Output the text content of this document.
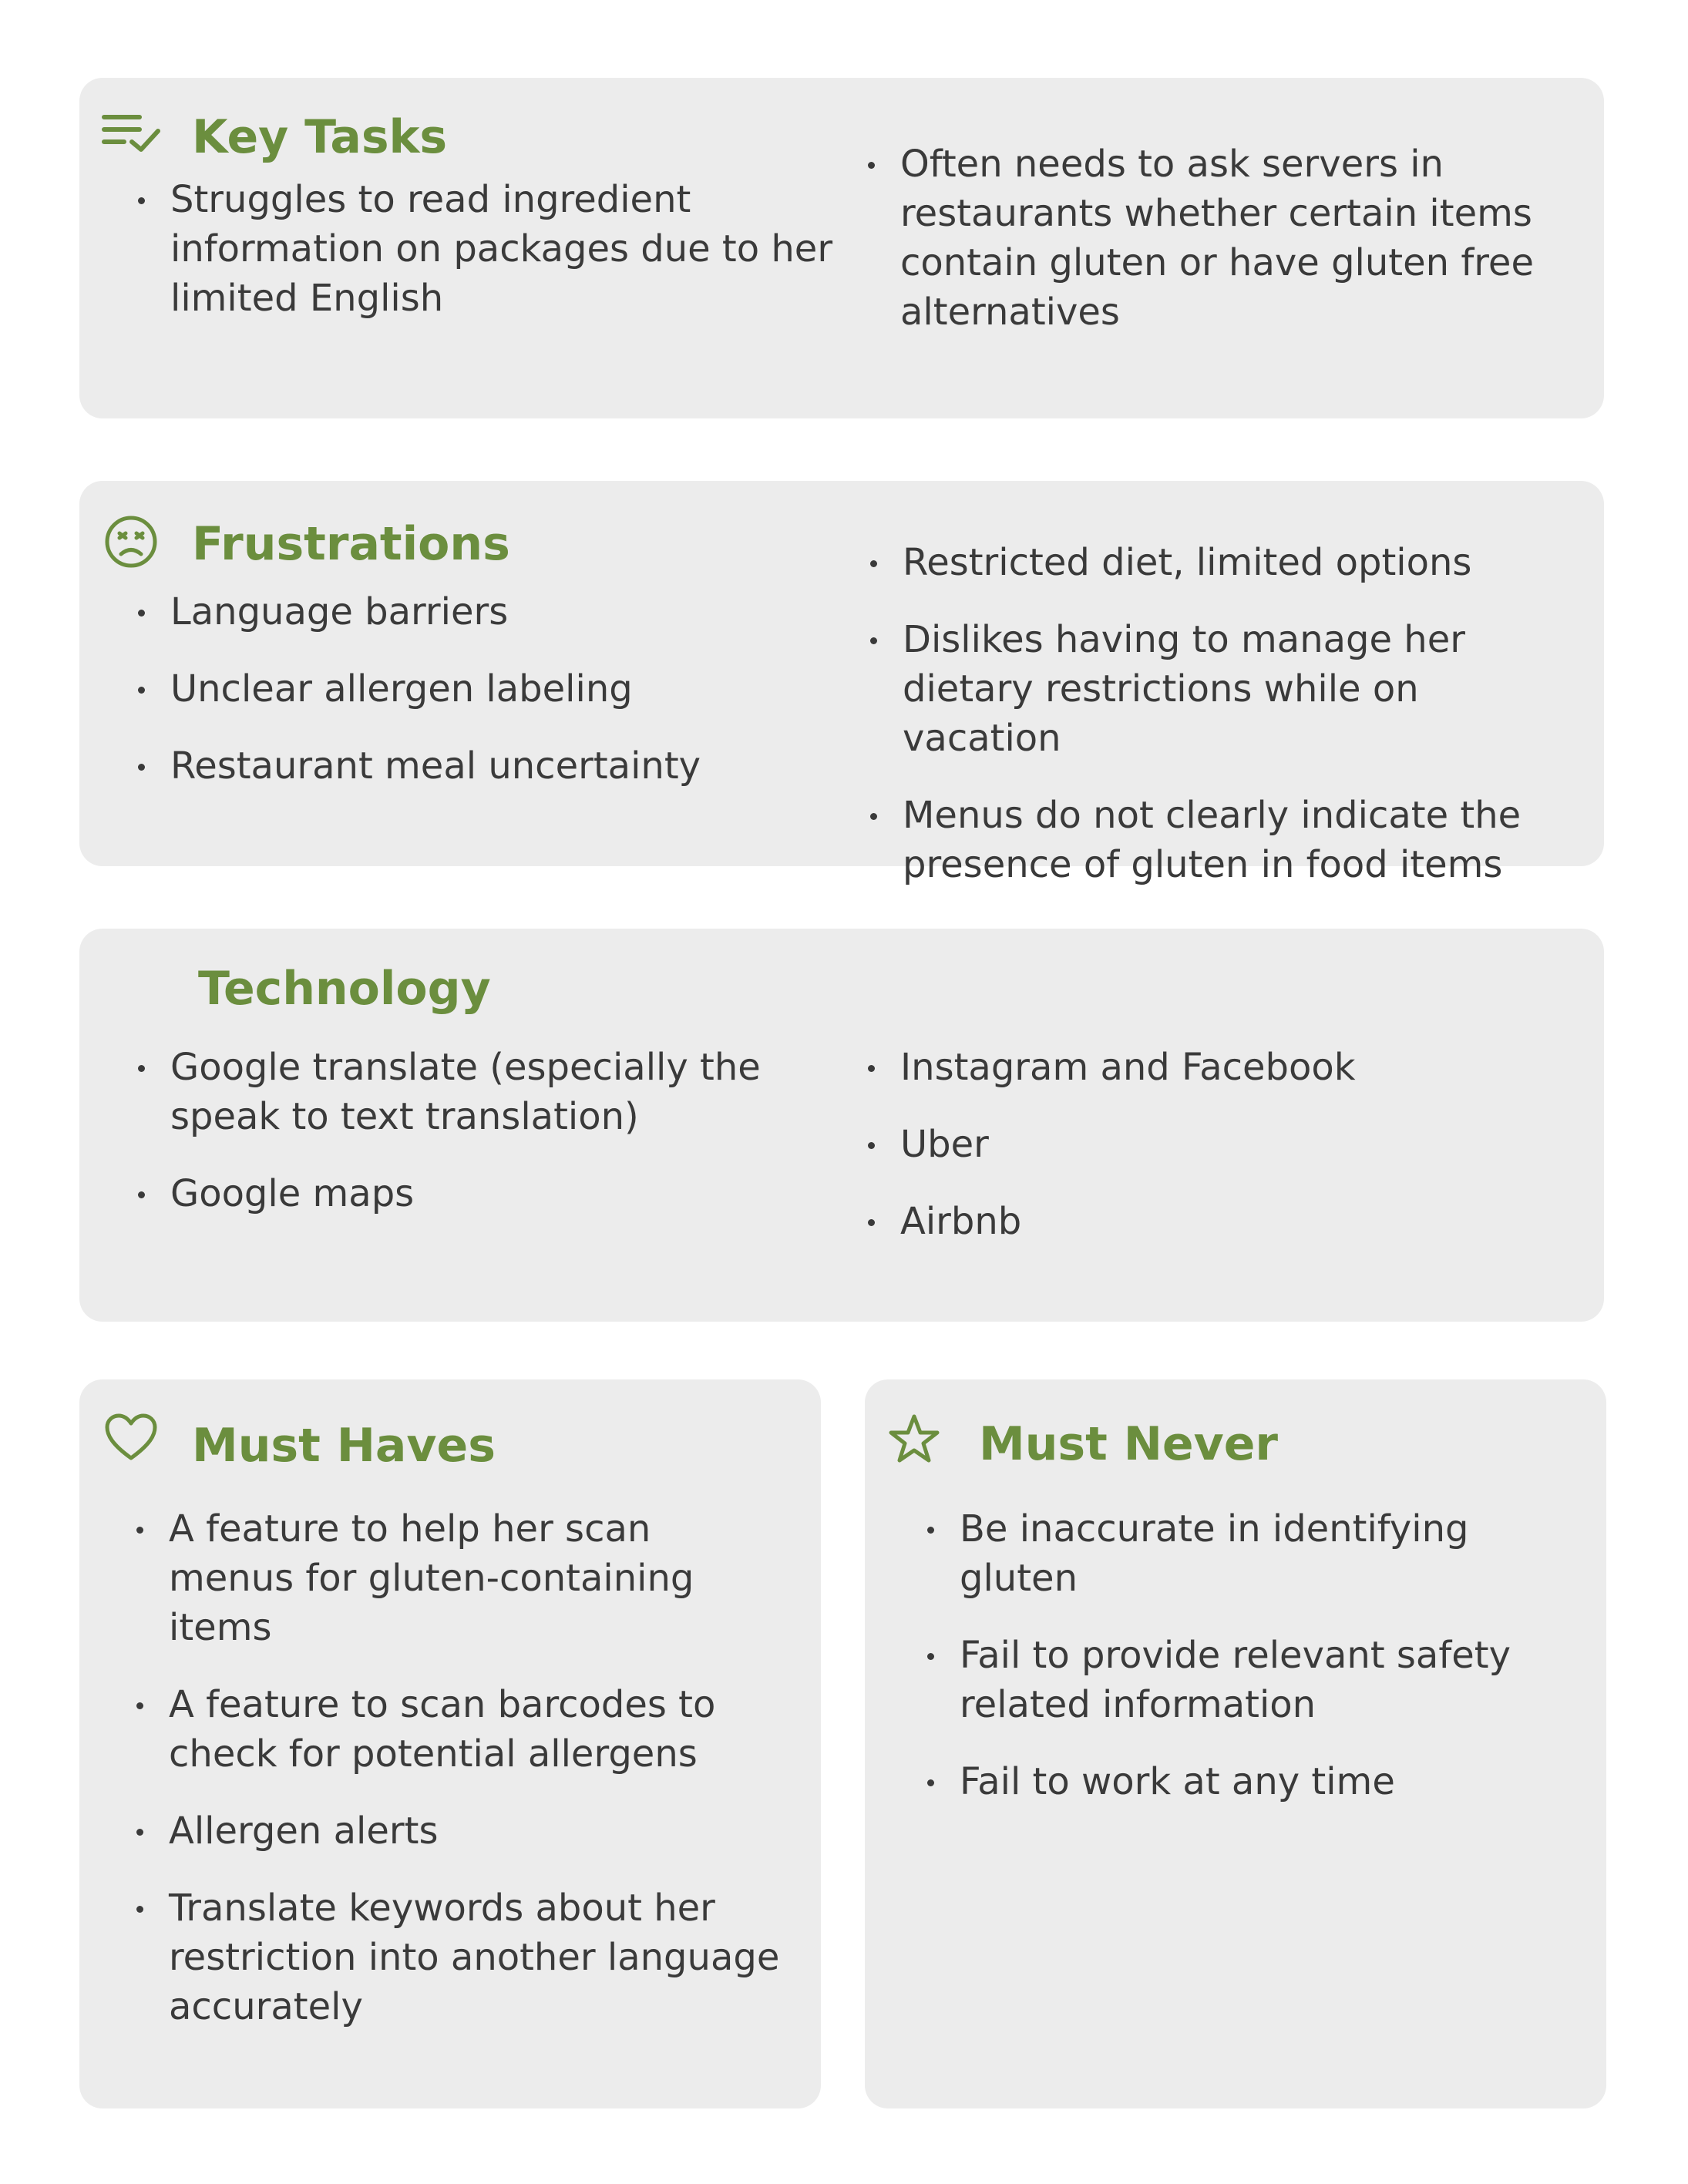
Key Tasks
Struggles to read ingredient information on packages due to her limited English
Often needs to ask servers in restaurants whether certain items contain gluten or have gluten free alternatives
Frustrations
Language barriers
Unclear allergen labeling
Restaurant meal uncertainty
Restricted diet, limited options
Dislikes having to manage her dietary restrictions while on vacation
Menus do not clearly indicate the presence of gluten in food items
Technology
Google translate (especially the speak to text translation)
Google maps
Instagram and Facebook
Uber
Airbnb
Must Haves
A feature to help her scan menus for gluten-containing items
A feature to scan barcodes to check for potential allergens
Allergen alerts
Translate keywords about her restriction into another language accurately
Must Never
Be inaccurate in identifying gluten
Fail to provide relevant safety related information
Fail to work at any time
